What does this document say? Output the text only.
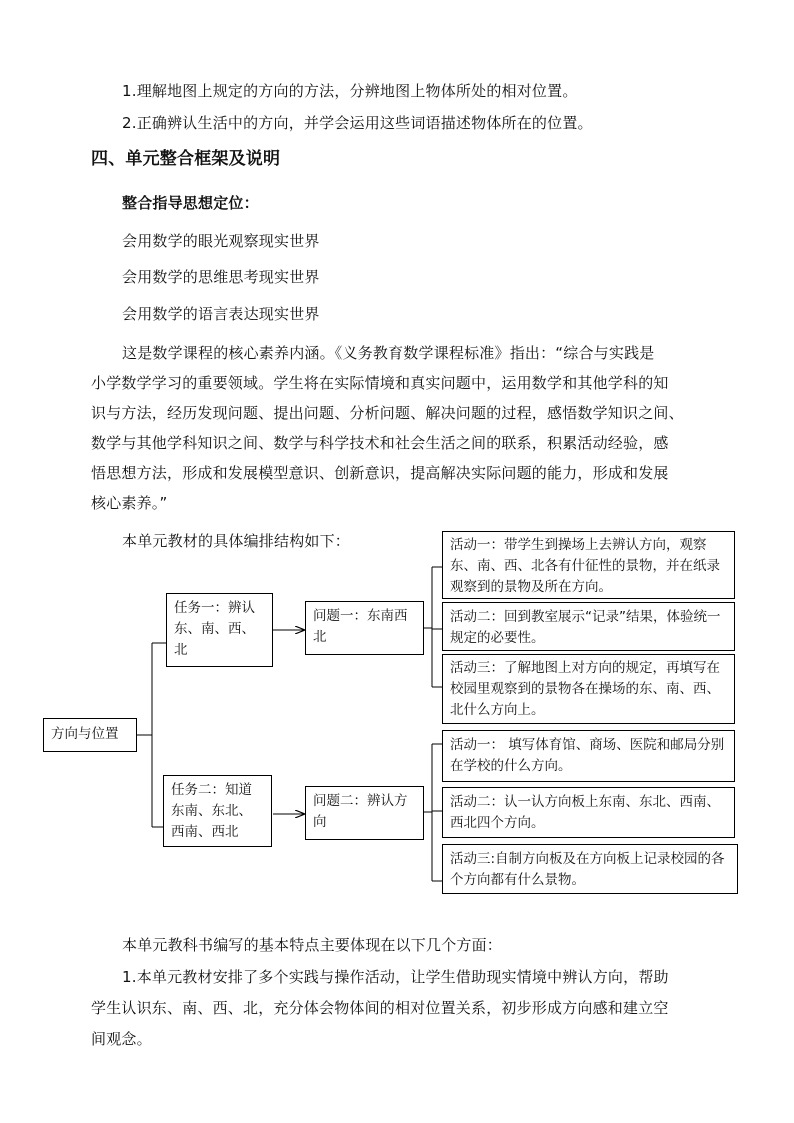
1.理解地图上规定的方向的方法，分辨地图上物体所处的相对位置。
2.正确辨认生活中的方向，并学会运用这些词语描述物体所在的位置。
四、单元整合框架及说明
整合指导思想定位：
会用数学的眼光观察现实世界
会用数学的思维思考现实世界
会用数学的语言表达现实世界
这是数学课程的核心素养内涵。《义务教育数学课程标准》指出：“综合与实践是
小学数学学习的重要领域。学生将在实际情境和真实问题中，运用数学和其他学科的知
识与方法，经历发现问题、提出问题、分析问题、解决问题的过程，感悟数学知识之间、
数学与其他学科知识之间、数学与科学技术和社会生活之间的联系，积累活动经验，感
悟思想方法，形成和发展模型意识、创新意识，提高解决实际问题的能力，形成和发展
核心素养。”
本单元教材的具体编排结构如下：
方向与位置
任务一：辨认东、南、西、北
问题一：东南西北
活动一：带学生到操场上去辨认方向，观察东、南、西、北各有什征性的景物，并在纸录观察到的景物及所在方向。
活动二：回到教室展示“记录”结果，体验统一规定的必要性。
活动三：了解地图上对方向的规定，再填写在校园里观察到的景物各在操场的东、南、西、北什么方向上。
任务二：知道东南、东北、西南、西北
问题二：辨认方向
活动一： 填写体育馆、商场、医院和邮局分别在学校的什么方向。
活动二：认一认方向板上东南、东北、西南、西北四个方向。
活动三:自制方向板及在方向板上记录校园的各个方向都有什么景物。
本单元教科书编写的基本特点主要体现在以下几个方面：
1.本单元教材安排了多个实践与操作活动，让学生借助现实情境中辨认方向，帮助
学生认识东、南、西、北，充分体会物体间的相对位置关系，初步形成方向感和建立空
间观念。
